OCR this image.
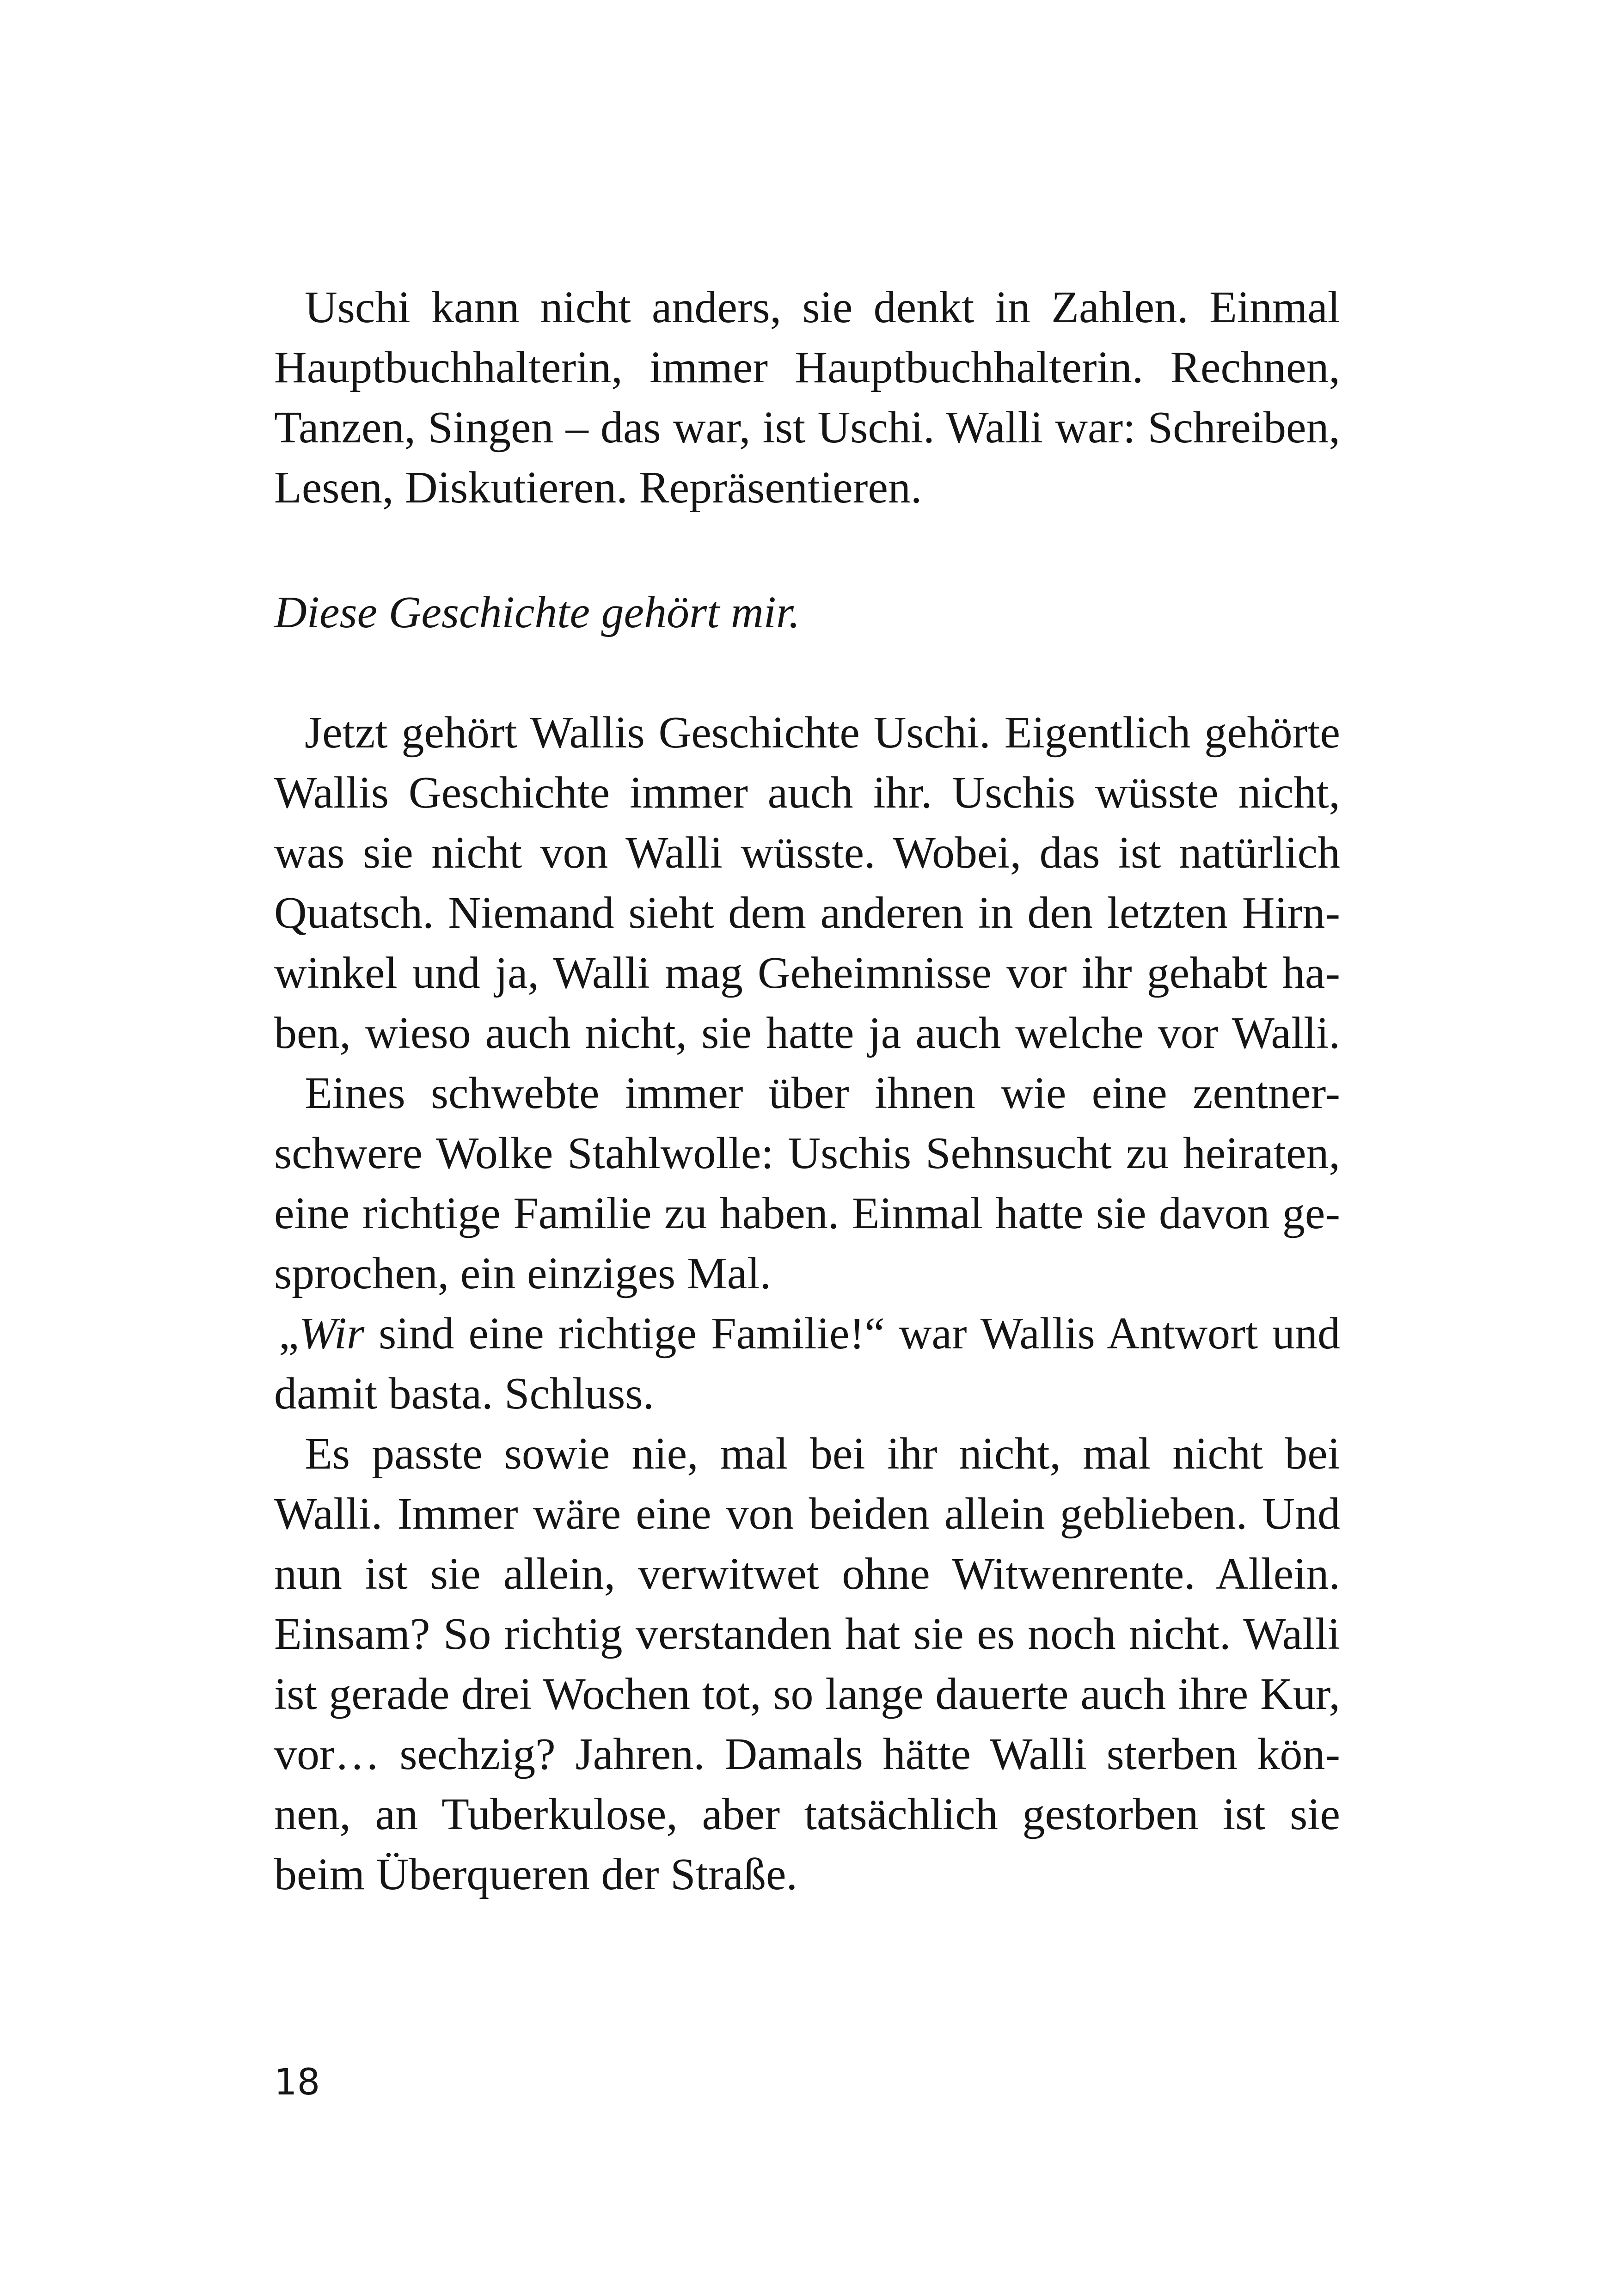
Uschi kann nicht anders, sie denkt in Zahlen. Einmal
Hauptbuchhalterin, immer Hauptbuchhalterin. Rechnen,
Tanzen, Singen – das war, ist Uschi. Walli war: Schreiben,
Lesen, Diskutieren. Repräsentieren.
Diese Geschichte gehört mir.
Jetzt gehört Wallis Geschichte Uschi. Eigentlich gehörte
Wallis Geschichte immer auch ihr. Uschis wüsste nicht,
was sie nicht von Walli wüsste. Wobei, das ist natürlich
Quatsch. Niemand sieht dem anderen in den letzten Hirn-
winkel und ja, Walli mag Geheimnisse vor ihr gehabt ha-
ben, wieso auch nicht, sie hatte ja auch welche vor Walli.
Eines schwebte immer über ihnen wie eine zentner-
schwere Wolke Stahlwolle: Uschis Sehnsucht zu heiraten,
eine richtige Familie zu haben. Einmal hatte sie davon ge-
sprochen, ein einziges Mal.
„Wir sind eine richtige Familie!“ war Wallis Antwort und
damit basta. Schluss.
Es passte sowie nie, mal bei ihr nicht, mal nicht bei
Walli. Immer wäre eine von beiden allein geblieben. Und
nun ist sie allein, verwitwet ohne Witwenrente. Allein.
Einsam? So richtig verstanden hat sie es noch nicht. Walli
ist gerade drei Wochen tot, so lange dauerte auch ihre Kur,
vor… sechzig? Jahren. Damals hätte Walli sterben kön-
nen, an Tuberkulose, aber tatsächlich gestorben ist sie
beim Überqueren der Straße.
18
